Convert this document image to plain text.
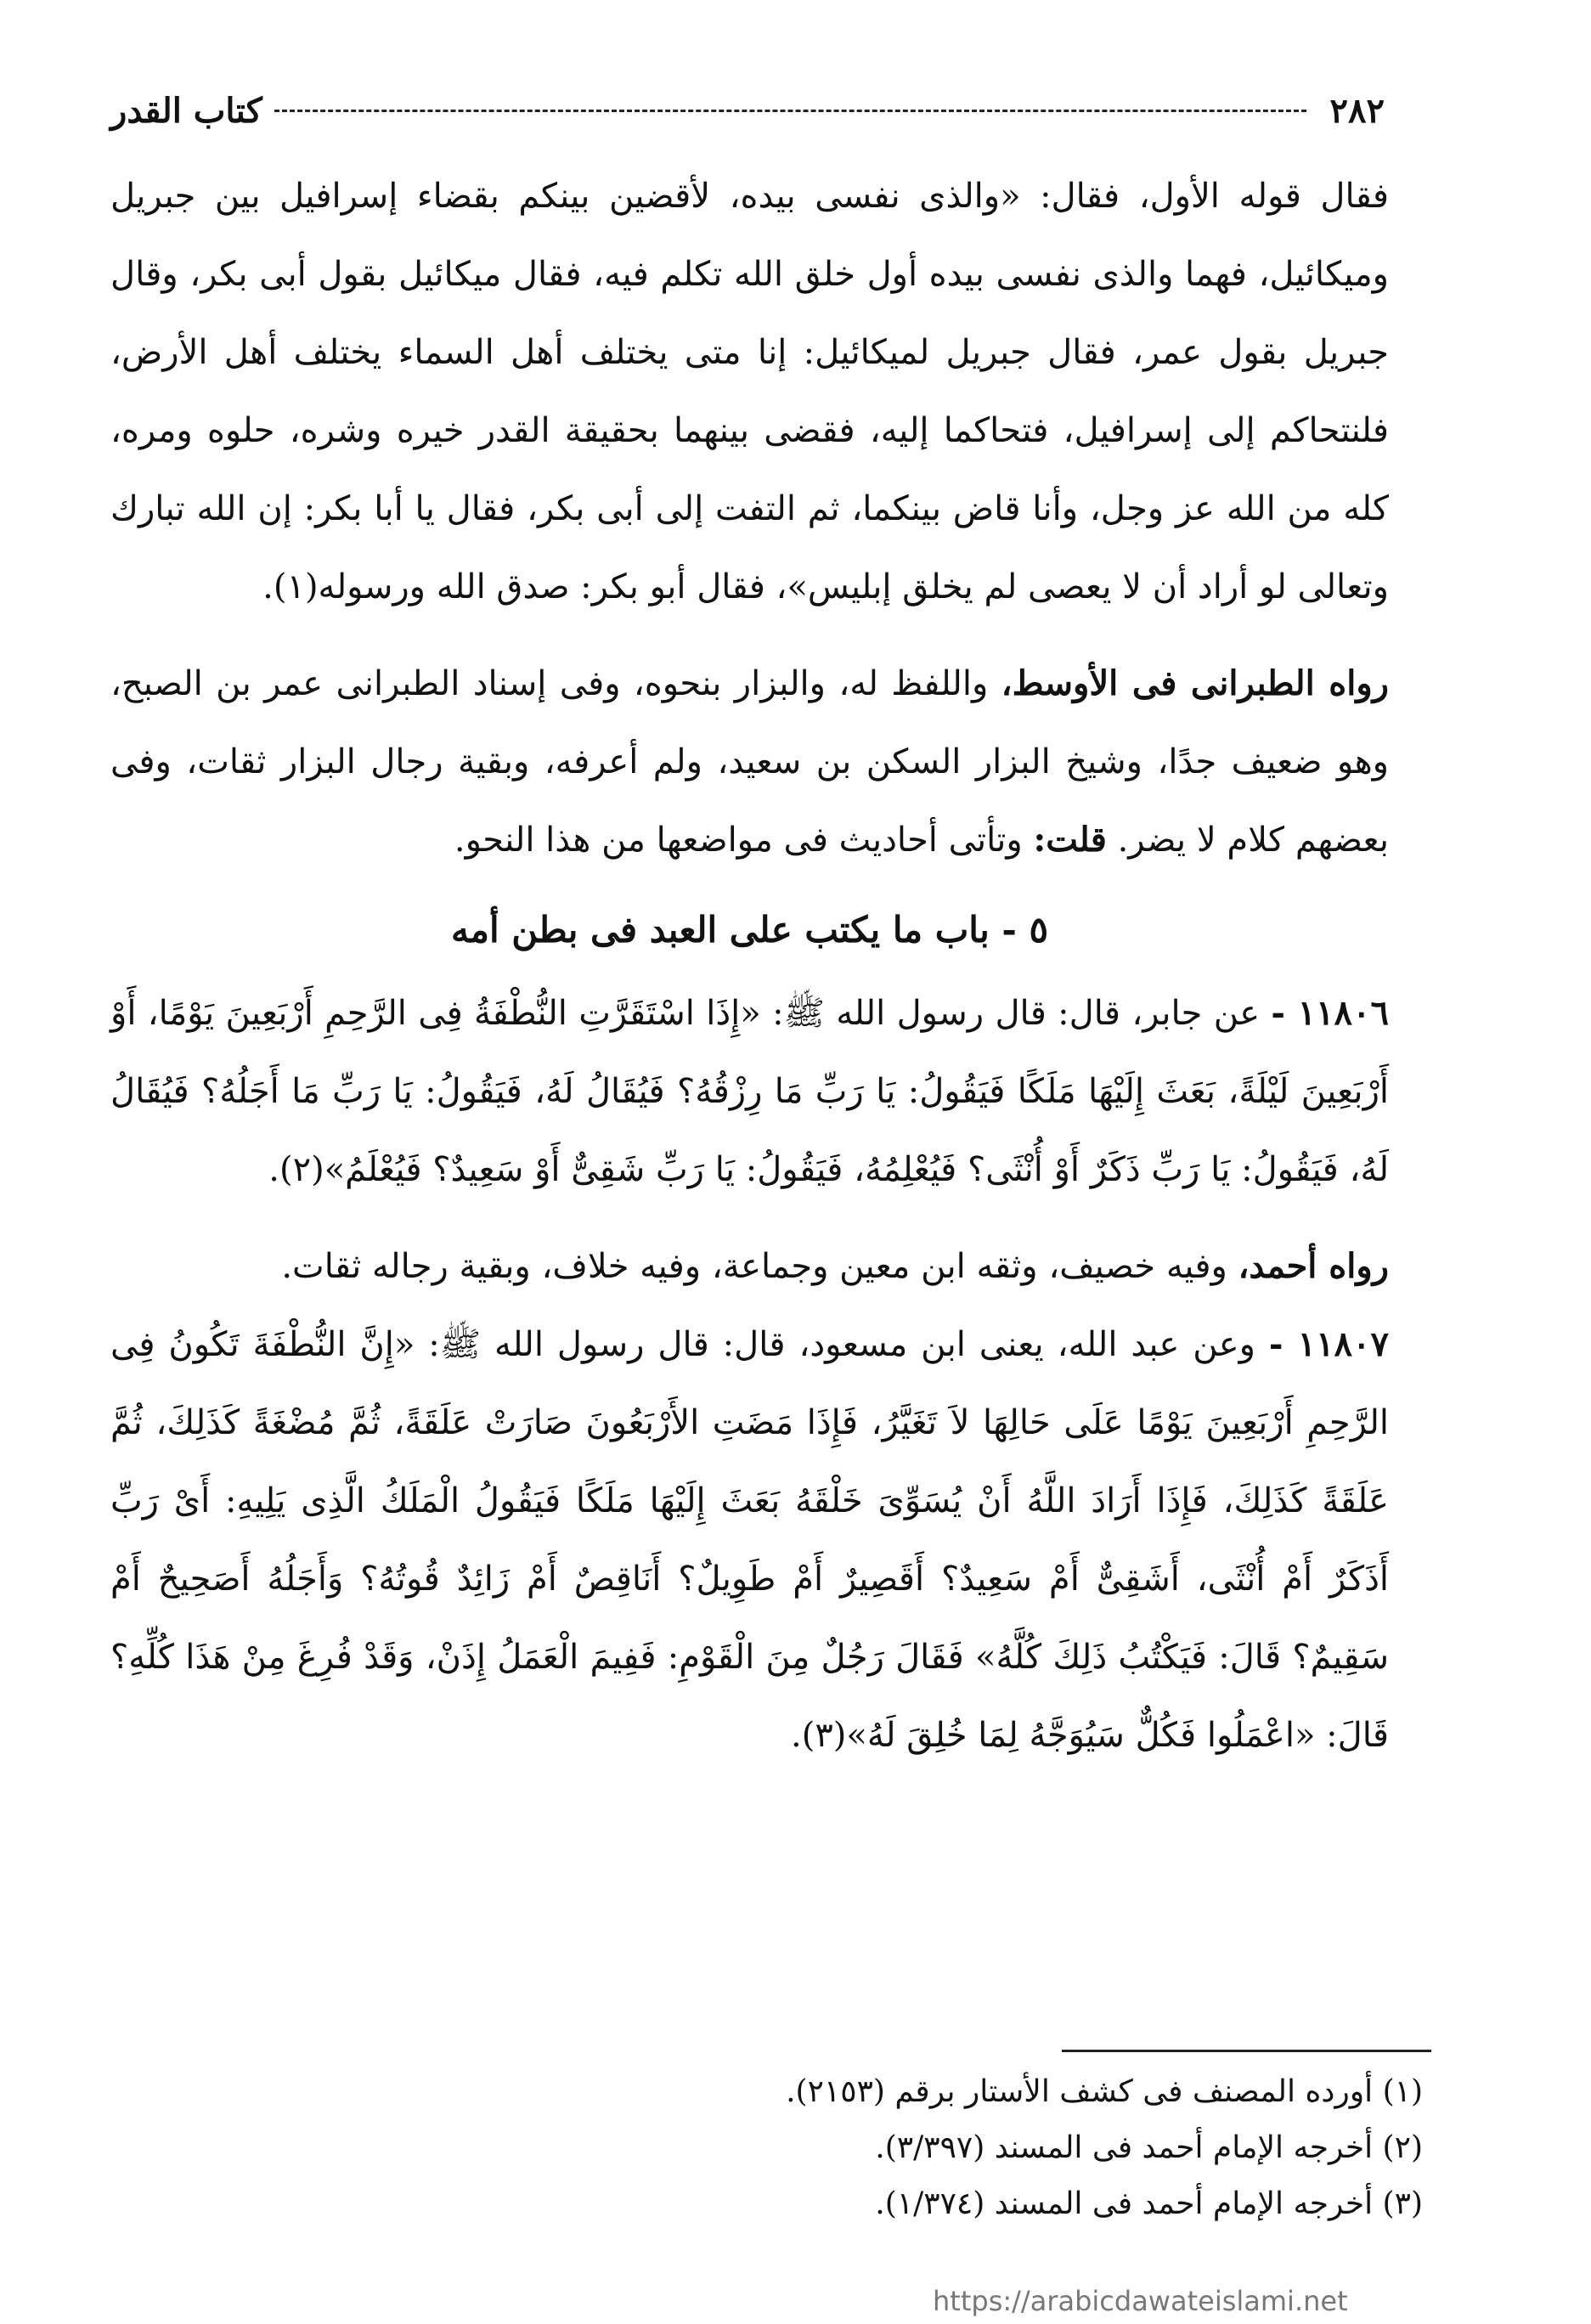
٢٨٢
كتاب القدر

فقال قوله الأول، فقال: «والذى نفسى بيده، لأقضين بينكم بقضاء إسرافيل بين جبريل وميكائيل، فهما والذى نفسى بيده أول خلق الله تكلم فيه، فقال ميكائيل بقول أبى بكر، وقال جبريل بقول عمر، فقال جبريل لميكائيل: إنا متى يختلف أهل السماء يختلف أهل الأرض، فلنتحاكم إلى إسرافيل، فتحاكما إليه، فقضى بينهما بحقيقة القدر خيره وشره، حلوه ومره، كله من الله عز وجل، وأنا قاض بينكما، ثم التفت إلى أبى بكر، فقال يا أبا بكر: إن الله تبارك وتعالى لو أراد أن لا يعصى لم يخلق إبليس»، فقال أبو بكر: صدق الله ورسوله(١).

رواه الطبرانى فى الأوسط، واللفظ له، والبزار بنحوه، وفى إسناد الطبرانى عمر بن الصبح، وهو ضعيف جدًا، وشيخ البزار السكن بن سعيد، ولم أعرفه، وبقية رجال البزار ثقات، وفى بعضهم كلام لا يضر. قلت: وتأتى أحاديث فى مواضعها من هذا النحو.

٥ - باب ما يكتب على العبد فى بطن أمه

١١٨٠٦ - عن جابر، قال: قال رسول الله ﷺ: «إِذَا اسْتَقَرَّتِ النُّطْفَةُ فِى الرَّحِمِ أَرْبَعِينَ يَوْمًا، أَوْ أَرْبَعِينَ لَيْلَةً، بَعَثَ إِلَيْهَا مَلَكًا فَيَقُولُ: يَا رَبِّ مَا رِزْقُهُ؟ فَيُقَالُ لَهُ، فَيَقُولُ: يَا رَبِّ مَا أَجَلُهُ؟ فَيُقَالُ لَهُ، فَيَقُولُ: يَا رَبِّ ذَكَرٌ أَوْ أُنْثَى؟ فَيُعْلِمُهُ، فَيَقُولُ: يَا رَبِّ شَقِىٌّ أَوْ سَعِيدٌ؟ فَيُعْلَمُ»(٢).

رواه أحمد، وفيه خصيف، وثقه ابن معين وجماعة، وفيه خلاف، وبقية رجاله ثقات.

١١٨٠٧ - وعن عبد الله، يعنى ابن مسعود، قال: قال رسول الله ﷺ: «إِنَّ النُّطْفَةَ تَكُونُ فِى الرَّحِمِ أَرْبَعِينَ يَوْمًا عَلَى حَالِهَا لاَ تَغَيَّرُ، فَإِذَا مَضَتِ الأَرْبَعُونَ صَارَتْ عَلَقَةً، ثُمَّ مُضْغَةً كَذَلِكَ، ثُمَّ عَلَقَةً كَذَلِكَ، فَإِذَا أَرَادَ اللَّهُ أَنْ يُسَوِّىَ خَلْقَهُ بَعَثَ إِلَيْهَا مَلَكًا فَيَقُولُ الْمَلَكُ الَّذِى يَلِيهِ: أَىْ رَبِّ أَذَكَرٌ أَمْ أُنْثَى، أَشَقِىٌّ أَمْ سَعِيدٌ؟ أَقَصِيرٌ أَمْ طَوِيلٌ؟ أَنَاقِصٌ أَمْ زَائِدٌ قُوتُهُ؟ وَأَجَلُهُ أَصَحِيحٌ أَمْ سَقِيمٌ؟ قَالَ: فَيَكْتُبُ ذَلِكَ كُلَّهُ» فَقَالَ رَجُلٌ مِنَ الْقَوْمِ: فَفِيمَ الْعَمَلُ إِذَنْ، وَقَدْ فُرِغَ مِنْ هَذَا كُلِّهِ؟ قَالَ: «اعْمَلُوا فَكُلٌّ سَيُوَجَّهُ لِمَا خُلِقَ لَهُ»(٣).

(١) أورده المصنف فى كشف الأستار برقم (٢١٥٣).

(٢) أخرجه الإمام أحمد فى المسند (٣/٣٩٧).

(٣) أخرجه الإمام أحمد فى المسند (١/٣٧٤).

https://arabicdawateislami.net
